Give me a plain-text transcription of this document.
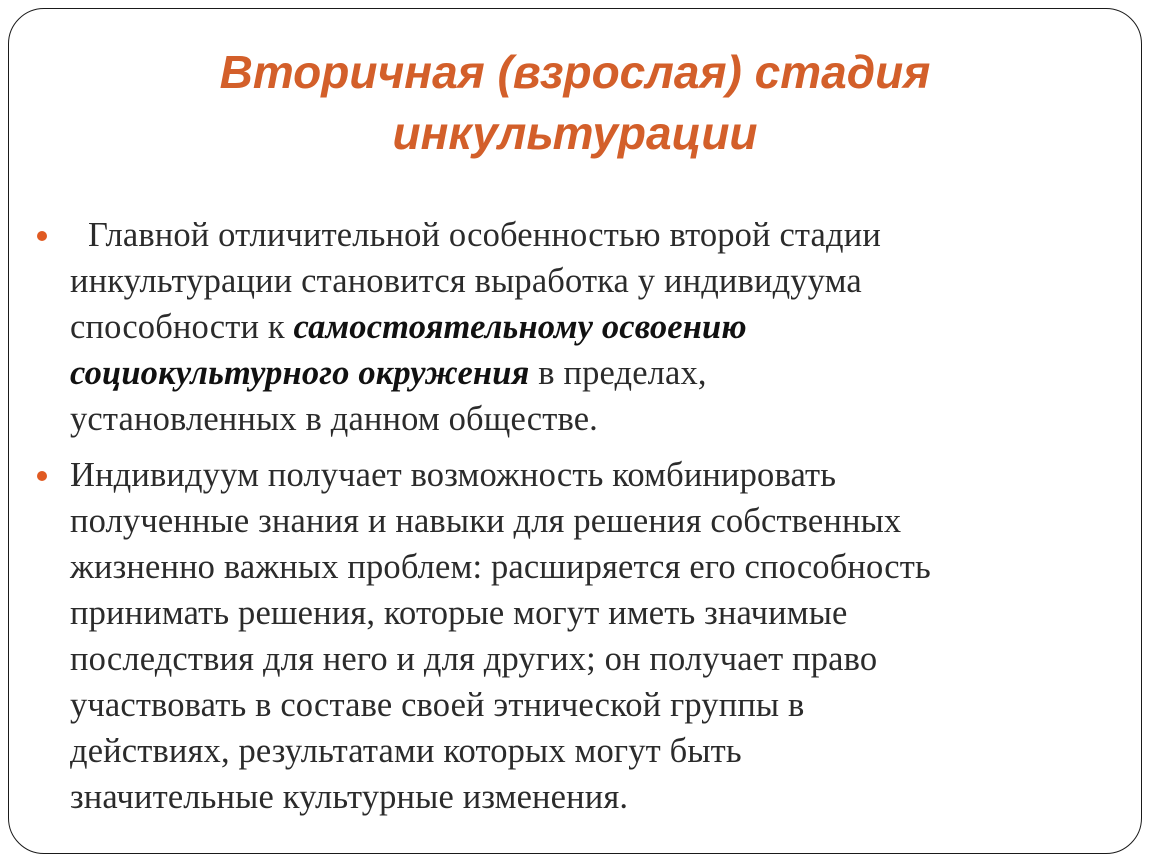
Вторичная (взрослая) стадия
инкультурации
Главной отличительной особенностью второй стадии
инкультурации становится выработка у индивидуума
способности к самостоятельному освоению
социокультурного окружения в пределах,
установленных в данном обществе.
Индивидуум получает возможность комбинировать
полученные знания и навыки для решения собственных
жизненно важных проблем: расширяется его способность
принимать решения, которые могут иметь значимые
последствия для него и для других; он получает право
участвовать в составе своей этнической группы в
действиях, результатами которых могут быть
значительные культурные изменения.
